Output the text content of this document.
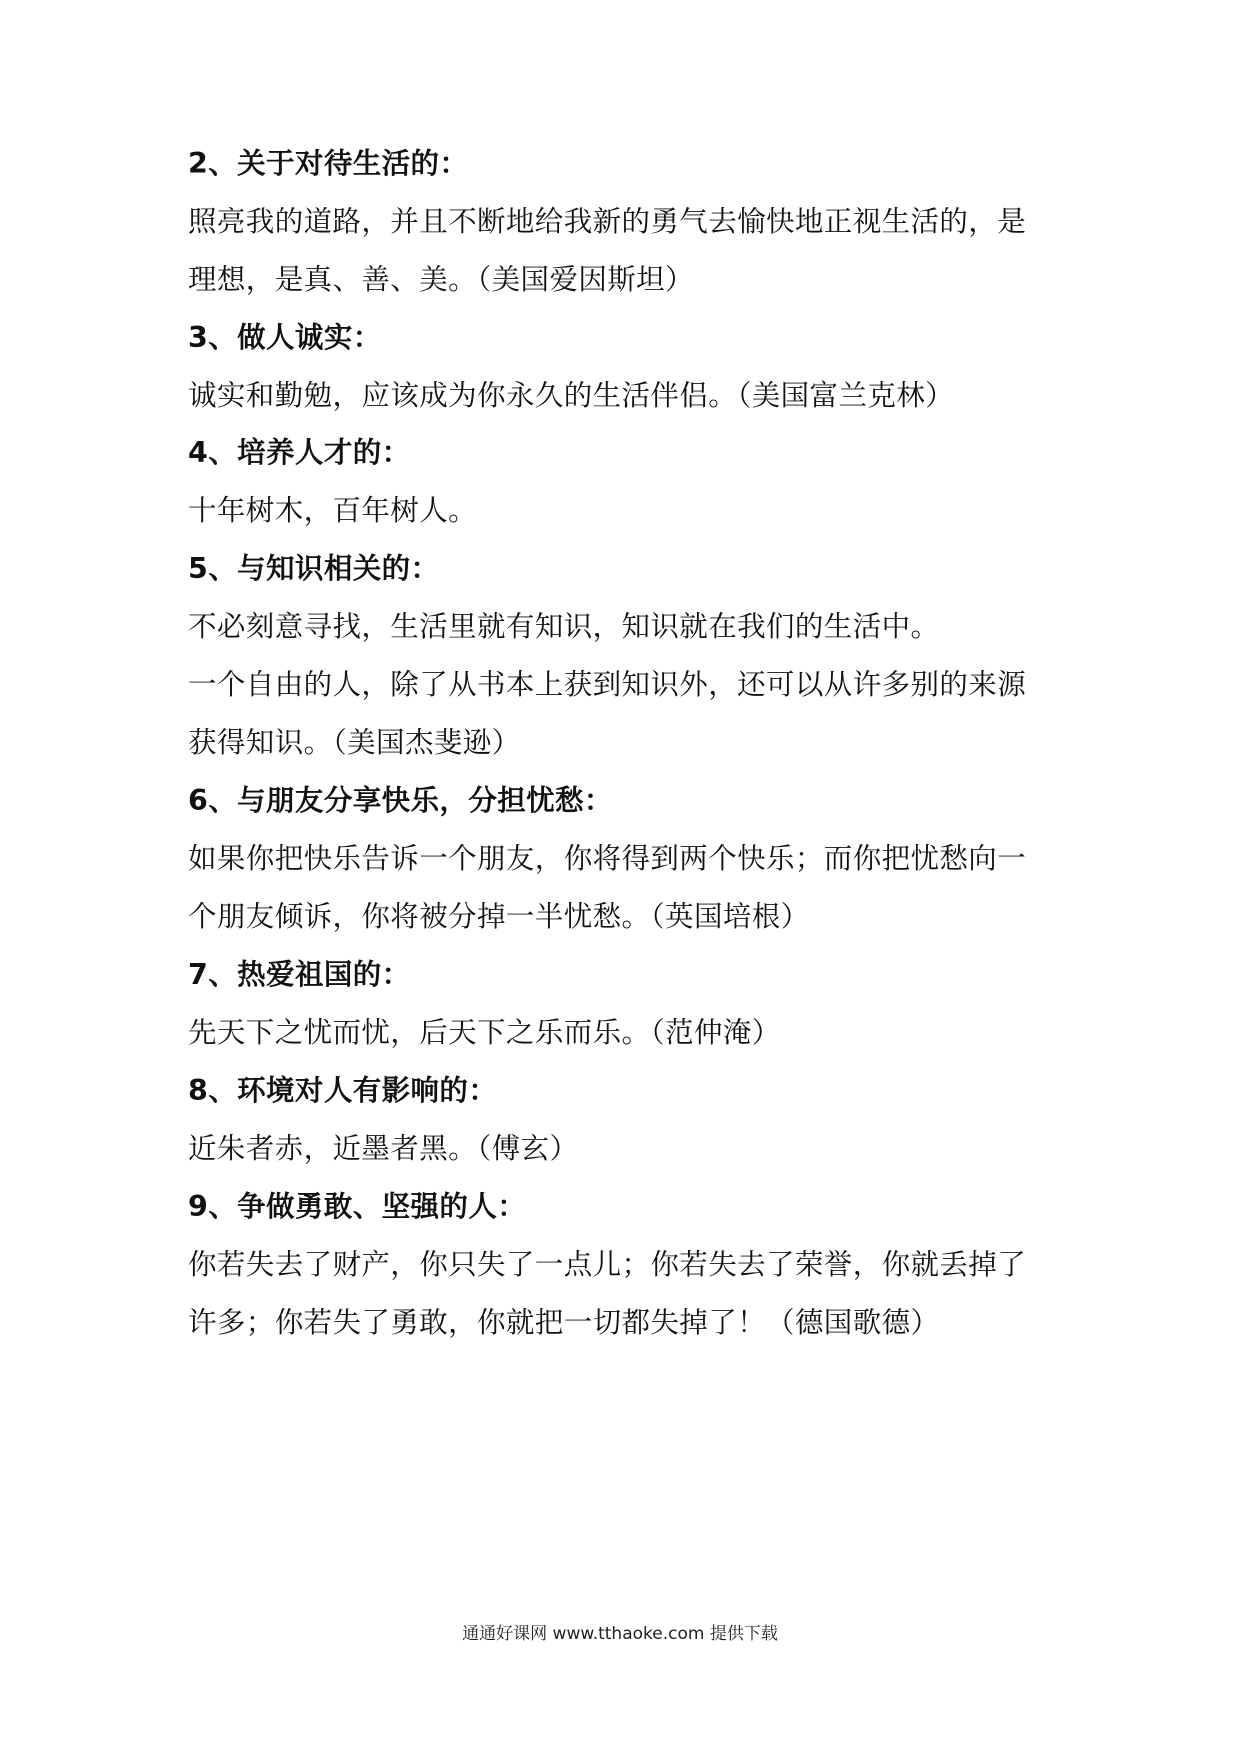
2、关于对待生活的：
照亮我的道路，并且不断地给我新的勇气去愉快地正视生活的，是
理想，是真、善、美。（美国爱因斯坦）
3、做人诚实：
诚实和勤勉，应该成为你永久的生活伴侣。（美国富兰克林）
4、培养人才的：
十年树木，百年树人。
5、与知识相关的：
不必刻意寻找，生活里就有知识，知识就在我们的生活中。
一个自由的人，除了从书本上获到知识外，还可以从许多别的来源
获得知识。（美国杰斐逊）
6、与朋友分享快乐，分担忧愁：
如果你把快乐告诉一个朋友，你将得到两个快乐；而你把忧愁向一
个朋友倾诉，你将被分掉一半忧愁。（英国培根）
7、热爱祖国的：
先天下之忧而忧，后天下之乐而乐。（范仲淹）
8、环境对人有影响的：
近朱者赤，近墨者黑。（傅玄）
9、争做勇敢、坚强的人：
你若失去了财产，你只失了一点儿；你若失去了荣誉，你就丢掉了
许多；你若失了勇敢，你就把一切都失掉了！（德国歌德）
通通好课网 www.tthaoke.com 提供下载
